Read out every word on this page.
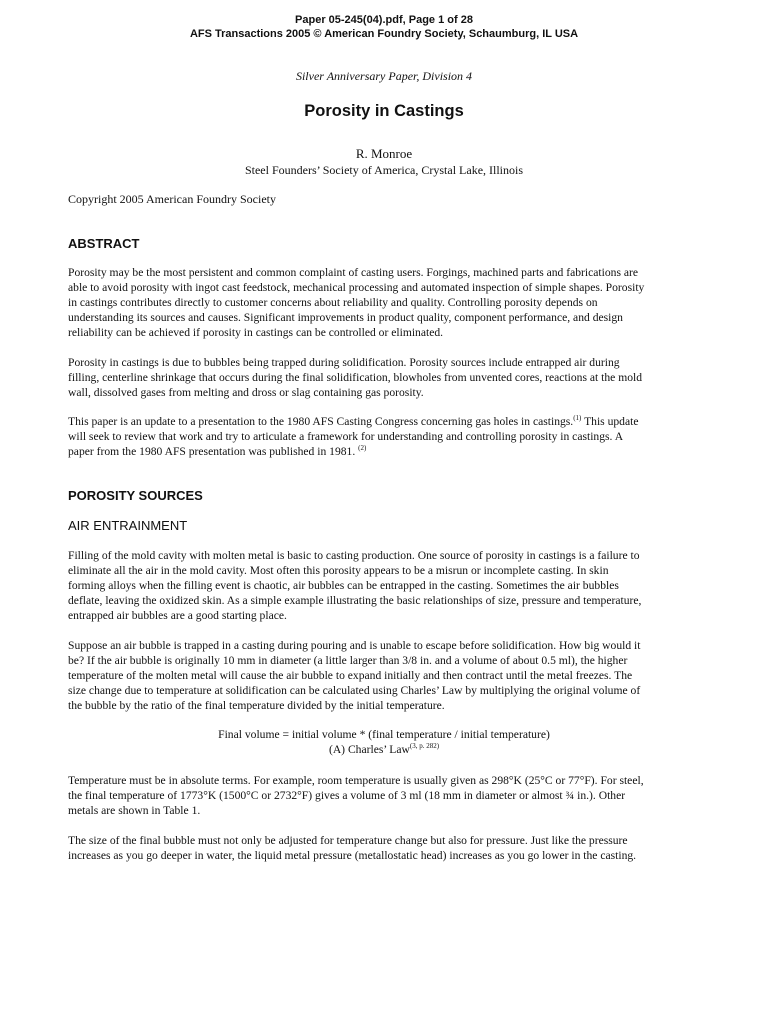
Paper 05-245(04).pdf, Page 1 of 28
AFS Transactions 2005 © American Foundry Society, Schaumburg, IL USA
Silver Anniversary Paper, Division 4
Porosity in Castings
R. Monroe
Steel Founders’ Society of America, Crystal Lake, Illinois
Copyright 2005 American Foundry Society
ABSTRACT
Porosity may be the most persistent and common complaint of casting users. Forgings, machined parts and fabrications are
able to avoid porosity with ingot cast feedstock, mechanical processing and automated inspection of simple shapes. Porosity
in castings contributes directly to customer concerns about reliability and quality. Controlling porosity depends on
understanding its sources and causes. Significant improvements in product quality, component performance, and design
reliability can be achieved if porosity in castings can be controlled or eliminated.
Porosity in castings is due to bubbles being trapped during solidification. Porosity sources include entrapped air during
filling, centerline shrinkage that occurs during the final solidification, blowholes from unvented cores, reactions at the mold
wall, dissolved gases from melting and dross or slag containing gas porosity.
This paper is an update to a presentation to the 1980 AFS Casting Congress concerning gas holes in castings.$^{(1)}$ This update
will seek to review that work and try to articulate a framework for understanding and controlling porosity in castings. A
paper from the 1980 AFS presentation was published in 1981. $^{(2)}$
POROSITY SOURCES
AIR ENTRAINMENT
Filling of the mold cavity with molten metal is basic to casting production. One source of porosity in castings is a failure to
eliminate all the air in the mold cavity. Most often this porosity appears to be a misrun or incomplete casting. In skin
forming alloys when the filling event is chaotic, air bubbles can be entrapped in the casting. Sometimes the air bubbles
deflate, leaving the oxidized skin. As a simple example illustrating the basic relationships of size, pressure and temperature,
entrapped air bubbles are a good starting place.
Suppose an air bubble is trapped in a casting during pouring and is unable to escape before solidification. How big would it
be? If the air bubble is originally 10 mm in diameter (a little larger than 3/8 in. and a volume of about 0.5 ml), the higher
temperature of the molten metal will cause the air bubble to expand initially and then contract until the metal freezes. The
size change due to temperature at solidification can be calculated using Charles’ Law by multiplying the original volume of
the bubble by the ratio of the final temperature divided by the initial temperature.
Final volume = initial volume * (final temperature / initial temperature)
(A) Charles’ Law$^{(3, p. 282)}$
Temperature must be in absolute terms. For example, room temperature is usually given as 298°K (25°C or 77°F). For steel,
the final temperature of 1773°K (1500°C or 2732°F) gives a volume of 3 ml (18 mm in diameter or almost ¾ in.). Other
metals are shown in Table 1.
The size of the final bubble must not only be adjusted for temperature change but also for pressure. Just like the pressure
increases as you go deeper in water, the liquid metal pressure (metallostatic head) increases as you go lower in the casting.
